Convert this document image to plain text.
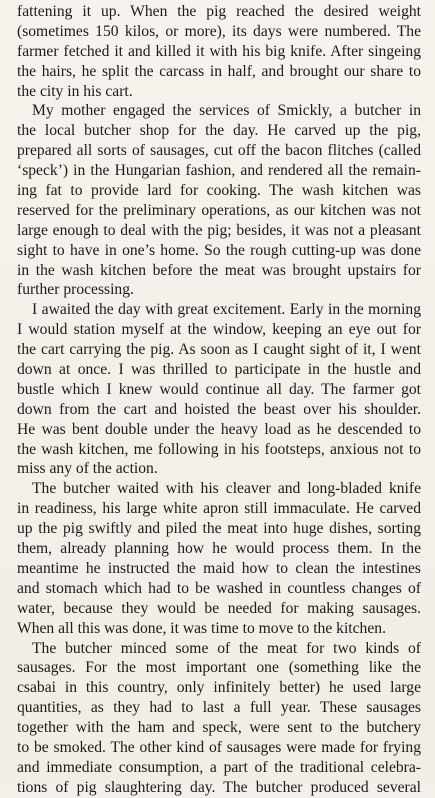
fattening it up. When the pig reached the desired weight
(sometimes 150 kilos, or more), its days were numbered. The
farmer fetched it and killed it with his big knife. After singeing
the hairs, he split the carcass in half, and brought our share to
the city in his cart.
My mother engaged the services of Smickly, a butcher in
the local butcher shop for the day. He carved up the pig,
prepared all sorts of sausages, cut off the bacon flitches (called
‘speck’) in the Hungarian fashion, and rendered all the remain-
ing fat to provide lard for cooking. The wash kitchen was
reserved for the preliminary operations, as our kitchen was not
large enough to deal with the pig; besides, it was not a pleasant
sight to have in one’s home. So the rough cutting-up was done
in the wash kitchen before the meat was brought upstairs for
further processing.
I awaited the day with great excitement. Early in the morning
I would station myself at the window, keeping an eye out for
the cart carrying the pig. As soon as I caught sight of it, I went
down at once. I was thrilled to participate in the hustle and
bustle which I knew would continue all day. The farmer got
down from the cart and hoisted the beast over his shoulder.
He was bent double under the heavy load as he descended to
the wash kitchen, me following in his footsteps, anxious not to
miss any of the action.
The butcher waited with his cleaver and long-bladed knife
in readiness, his large white apron still immaculate. He carved
up the pig swiftly and piled the meat into huge dishes, sorting
them, already planning how he would process them. In the
meantime he instructed the maid how to clean the intestines
and stomach which had to be washed in countless changes of
water, because they would be needed for making sausages.
When all this was done, it was time to move to the kitchen.
The butcher minced some of the meat for two kinds of
sausages. For the most important one (something like the
csabai in this country, only infinitely better) he used large
quantities, as they had to last a full year. These sausages
together with the ham and speck, were sent to the butchery
to be smoked. The other kind of sausages were made for frying
and immediate consumption, a part of the traditional celebra-
tions of pig slaughtering day. The butcher produced several
